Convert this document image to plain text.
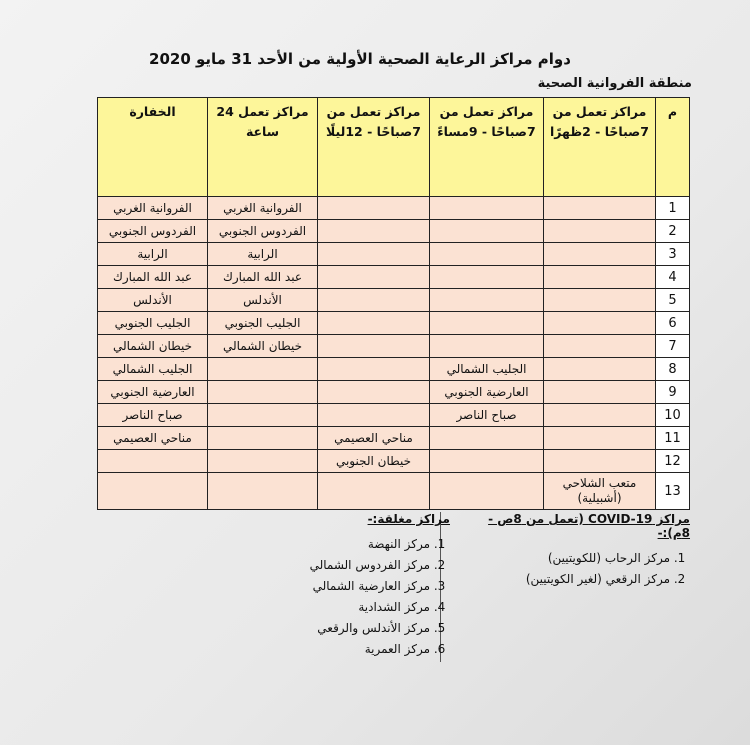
دوام مراكز الرعاية الصحية الأولية من الأحد 31 مايو 2020
منطقة الفروانية الصحية
م	مراكز تعمل من 7صباحًا - 2ظهرًا	مراكز تعمل من 7صباحًا - 9مساءً	مراكز تعمل من 7صباحًا - 12ليلًا	مراكز تعمل 24 ساعة	الخفارة
1				الفروانية الغربي	الفروانية الغربي
2				الفردوس الجنوبي	الفردوس الجنوبي
3				الرابية	الرابية
4				عبد الله المبارك	عبد الله المبارك
5				الأندلس	الأندلس
6				الجليب الجنوبي	الجليب الجنوبي
7				خيطان الشمالي	خيطان الشمالي
8		الجليب الشمالي			الجليب الشمالي
9		العارضية الجنوبي			العارضية الجنوبي
10		صباح الناصر			صباح الناصر
11			مناحي العصيمي		مناحي العصيمي
12			خيطان الجنوبي		
13	متعب الشلاحي (أشبيلية)				
مراكز COVID-19 (تعمل من 8ص - 8م):-
1. مركز الرحاب (للكويتيين)
2. مركز الرقعي (لغير الكويتيين)
مراكز مغلقة:-
1. مركز النهضة
2. مركز الفردوس الشمالي
3. مركز العارضية الشمالي
4. مركز الشدادية
5. مركز الأندلس والرقعي
6. مركز العمرية
